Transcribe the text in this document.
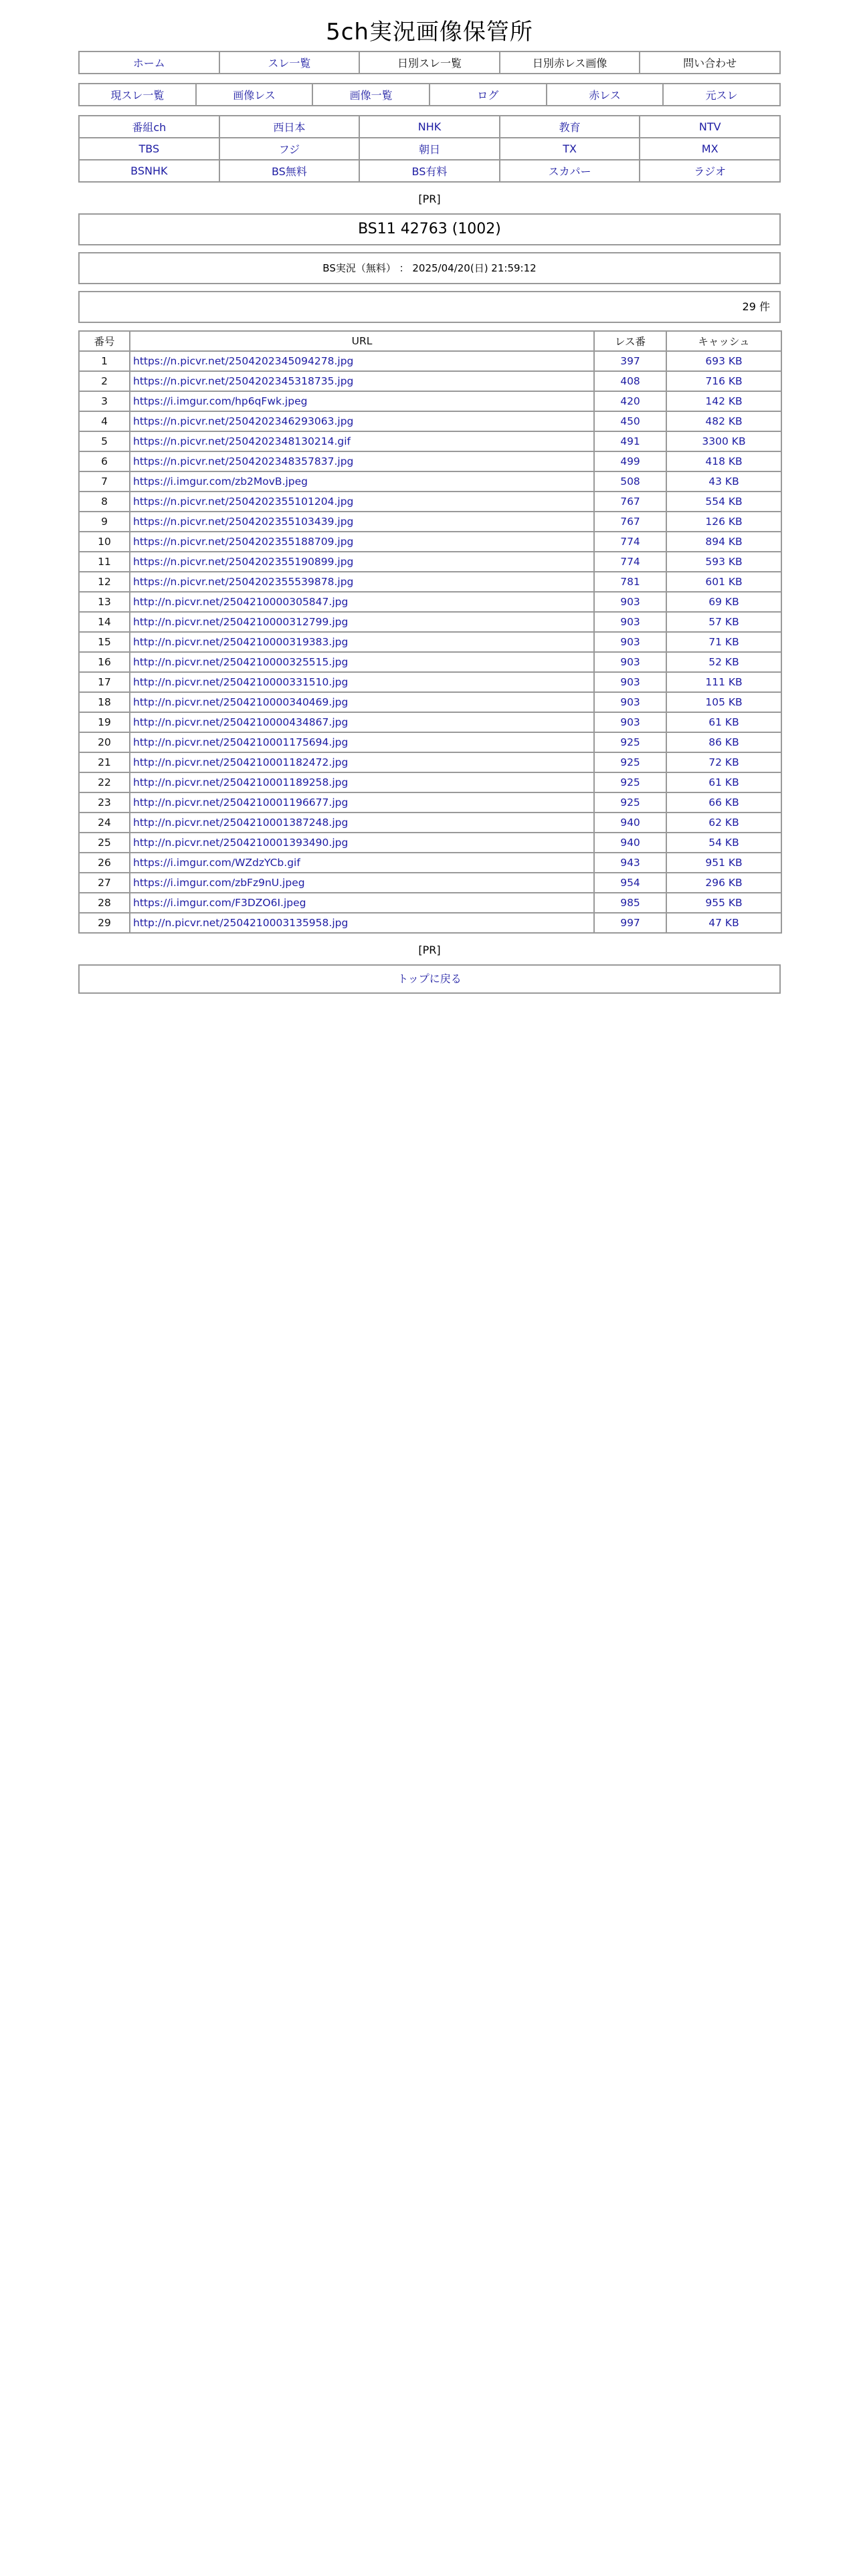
5ch実況画像保管所
ホーム	スレ一覧	日別スレ一覧	日別赤レス画像	問い合わせ
現スレ一覧	画像レス	画像一覧	ログ	赤レス	元スレ
番組ch	西日本	NHK	教育	NTV
TBS	フジ	朝日	TX	MX
BSNHK	BS無料	BS有料	スカパー	ラジオ
[PR]
BS11 42763 (1002)
BS実況（無料） ： 2025/04/20(日) 21:59:12
29 件
番号	URL	レス番	キャッシュ
1	https://n.picvr.net/2504202345094278.jpg	397	693 KB
2	https://n.picvr.net/2504202345318735.jpg	408	716 KB
3	https://i.imgur.com/hp6qFwk.jpeg	420	142 KB
4	https://n.picvr.net/2504202346293063.jpg	450	482 KB
5	https://n.picvr.net/2504202348130214.gif	491	3300 KB
6	https://n.picvr.net/2504202348357837.jpg	499	418 KB
7	https://i.imgur.com/zb2MovB.jpeg	508	43 KB
8	https://n.picvr.net/2504202355101204.jpg	767	554 KB
9	https://n.picvr.net/2504202355103439.jpg	767	126 KB
10	https://n.picvr.net/2504202355188709.jpg	774	894 KB
11	https://n.picvr.net/2504202355190899.jpg	774	593 KB
12	https://n.picvr.net/2504202355539878.jpg	781	601 KB
13	http://n.picvr.net/2504210000305847.jpg	903	69 KB
14	http://n.picvr.net/2504210000312799.jpg	903	57 KB
15	http://n.picvr.net/2504210000319383.jpg	903	71 KB
16	http://n.picvr.net/2504210000325515.jpg	903	52 KB
17	http://n.picvr.net/2504210000331510.jpg	903	111 KB
18	http://n.picvr.net/2504210000340469.jpg	903	105 KB
19	http://n.picvr.net/2504210000434867.jpg	903	61 KB
20	http://n.picvr.net/2504210001175694.jpg	925	86 KB
21	http://n.picvr.net/2504210001182472.jpg	925	72 KB
22	http://n.picvr.net/2504210001189258.jpg	925	61 KB
23	http://n.picvr.net/2504210001196677.jpg	925	66 KB
24	http://n.picvr.net/2504210001387248.jpg	940	62 KB
25	http://n.picvr.net/2504210001393490.jpg	940	54 KB
26	https://i.imgur.com/WZdzYCb.gif	943	951 KB
27	https://i.imgur.com/zbFz9nU.jpeg	954	296 KB
28	https://i.imgur.com/F3DZO6I.jpeg	985	955 KB
29	http://n.picvr.net/2504210003135958.jpg	997	47 KB
[PR]
トップに戻る
